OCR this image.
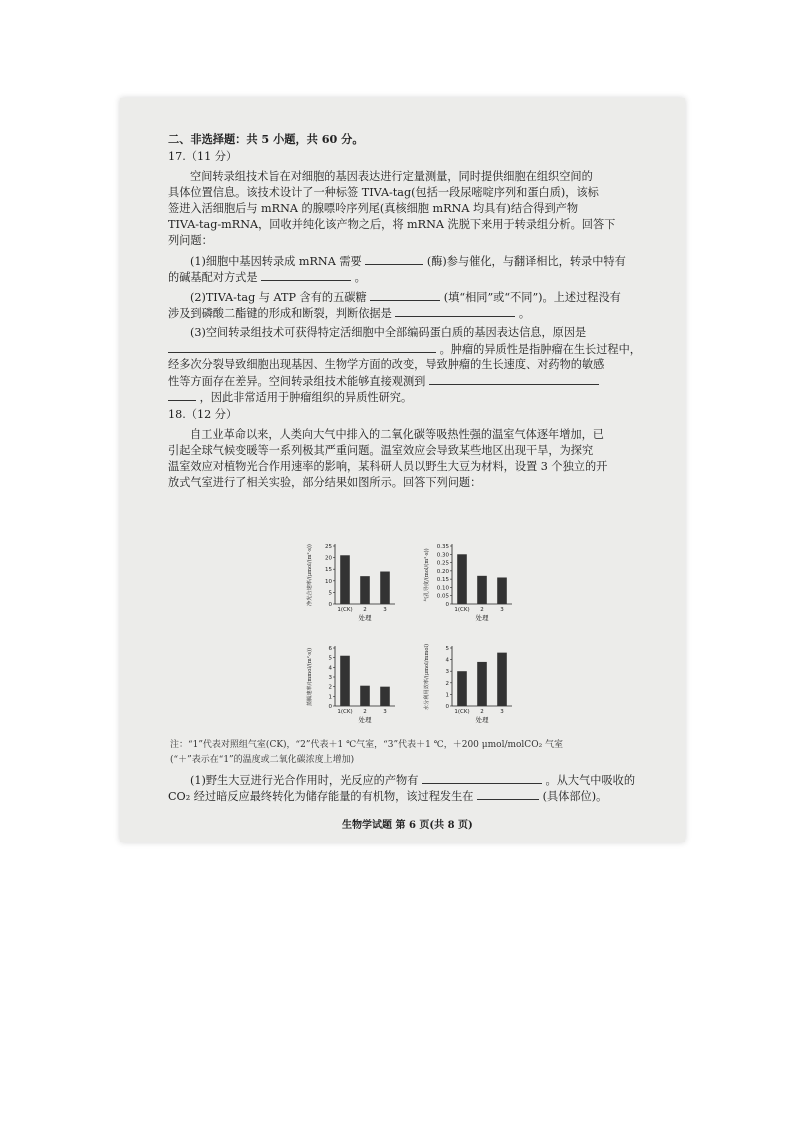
二、非选择题：共 5 小题，共 60 分。
17.（11 分）
空间转录组技术旨在对细胞的基因表达进行定量测量，同时提供细胞在组织空间的
具体位置信息。该技术设计了一种标签 TIVA-tag(包括一段尿嘧啶序列和蛋白质)，该标
签进入活细胞后与 mRNA 的腺嘌呤序列尾(真核细胞 mRNA 均具有)结合得到产物
TIVA-tag-mRNA，回收并纯化该产物之后，将 mRNA 洗脱下来用于转录组分析。回答下
列问题：
(1)细胞中基因转录成 mRNA 需要	(酶)参与催化，与翻译相比，转录中特有
的碱基配对方式是	。
(2)TIVA-tag 与 ATP 含有的五碳糖	(填“相同”或“不同”)。上述过程没有
涉及到磷酸二酯键的形成和断裂，判断依据是	。
(3)空间转录组技术可获得特定活细胞中全部编码蛋白质的基因表达信息，原因是
。肿瘤的异质性是指肿瘤在生长过程中，
经多次分裂导致细胞出现基因、生物学方面的改变，导致肿瘤的生长速度、对药物的敏感
性等方面存在差异。空间转录组技术能够直接观测到
，因此非常适用于肿瘤组织的异质性研究。
18.（12 分）
自工业革命以来，人类向大气中排入的二氧化碳等吸热性强的温室气体逐年增加，已
引起全球气候变暖等一系列极其严重问题。温室效应会导致某些地区出现干旱，为探究
温室效应对植物光合作用速率的影响，某科研人员以野生大豆为材料，设置 3 个独立的开
放式气室进行了相关实验，部分结果如图所示。回答下列问题：
0
5
10
15
20
25
1(CK) 2	3
处理
净光合速率/(μmol/(m²·s))	0
0.05
0.10
0.15
0.20
0.25
0.30
0.35
1(CK) 2	3
处理
气孔导度/(mol/(m²·s))
0
1
2
3
4
5
6
1(CK) 2	3
处理
蒸腾速率/(mmol/(m²·s))
0
1
2
3
4
5
1(CK) 2	3
处理
水分利用效率/(μmol/mmol)
注：“1”代表对照组气室(CK)，“2”代表＋1 ℃气室，“3”代表＋1 ℃，＋200 μmol/molCO₂ 气室
(“＋”表示在“1”的温度或二氧化碳浓度上增加)
(1)野生大豆进行光合作用时，光反应的产物有	。从大气中吸收的
CO₂ 经过暗反应最终转化为储存能量的有机物，该过程发生在	(具体部位)。
生物学试题 第 6 页(共 8 页)
